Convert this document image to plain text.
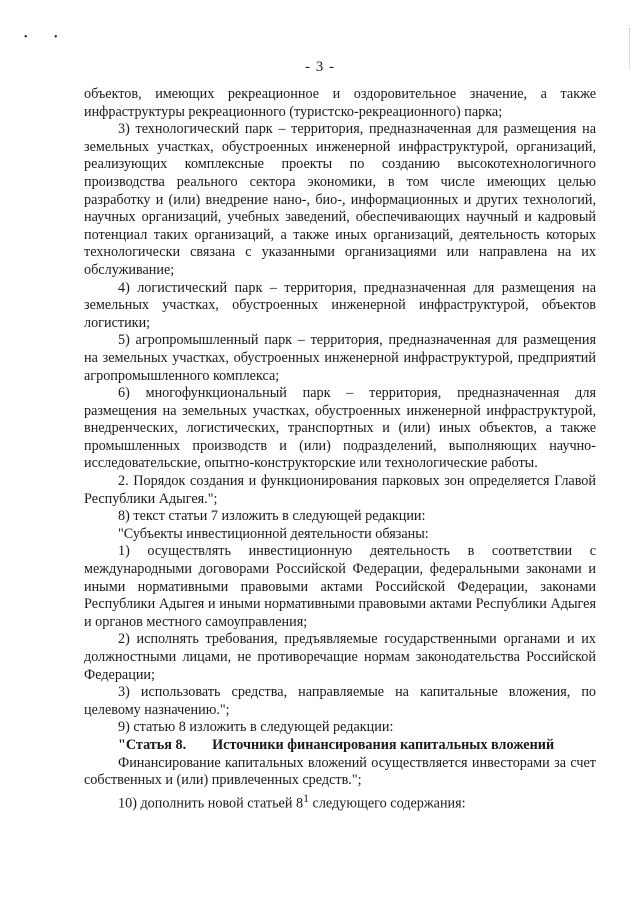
•	•
- 3 -

объектов, имеющих рекреационное и оздоровительное значение, а также инфраструктуры рекреационного (туристско-рекреационного) парка;

3) технологический парк – территория, предназначенная для размещения на земельных участках, обустроенных инженерной инфраструктурой, организаций, реализующих комплексные проекты по созданию высокотехнологичного производства реального сектора экономики, в том числе имеющих целью разработку и (или) внедрение нано-, био-, информационных и других технологий, научных организаций, учебных заведений, обеспечивающих научный и кадровый потенциал таких организаций, а также иных организаций, деятельность которых технологически связана с указанными организациями или направлена на их обслуживание;

4) логистический парк – территория, предназначенная для размещения на земельных участках, обустроенных инженерной инфраструктурой, объектов логистики;

5) агропромышленный парк – территория, предназначенная для размещения на земельных участках, обустроенных инженерной инфраструктурой, предприятий агропромышленного комплекса;

6) многофункциональный парк – территория, предназначенная для размещения на земельных участках, обустроенных инженерной инфраструктурой, внедренческих, логистических, транспортных и (или) иных объектов, а также промышленных производств и (или) подразделений, выполняющих научно-исследовательские, опытно-конструкторские или технологические работы.

2. Порядок создания и функционирования парковых зон определяется Главой Республики Адыгея.";

8) текст статьи 7 изложить в следующей редакции:

"Субъекты инвестиционной деятельности обязаны:

1) осуществлять инвестиционную деятельность в соответствии с международными договорами Российской Федерации, федеральными законами и иными нормативными правовыми актами Российской Федерации, законами Республики Адыгея и иными нормативными правовыми актами Республики Адыгея и органов местного самоуправления;

2) исполнять требования, предъявляемые государственными органами и их должностными лицами, не противоречащие нормам законодательства Российской Федерации;

3) использовать средства, направляемые на капитальные вложения, по целевому назначению.";

9) статью 8 изложить в следующей редакции:

"Статья 8. Источники финансирования капитальных вложений

Финансирование капитальных вложений осуществляется инвесторами за счет собственных и (или) привлеченных средств.";

10) дополнить новой статьей $8^1$ следующего содержания:
